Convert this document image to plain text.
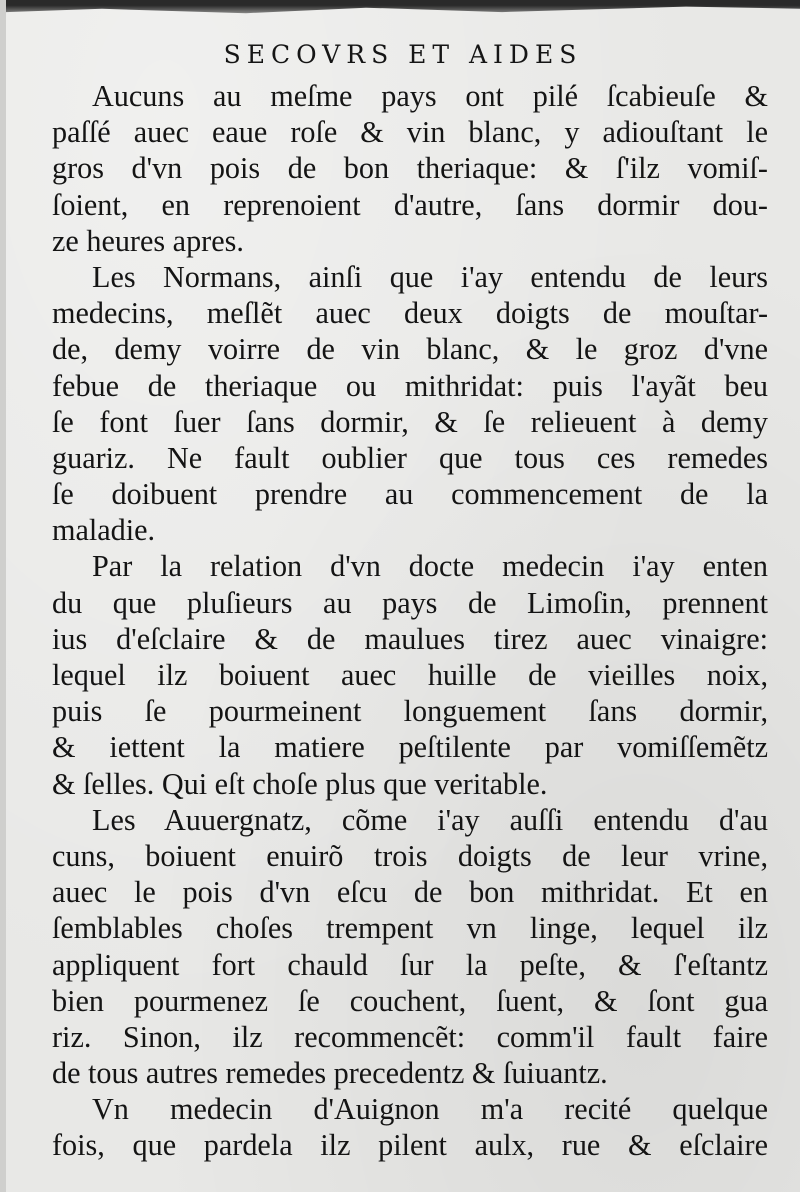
SECOVRS ET AIDES
Aucuns au meſme pays ont pilé ſcabieuſe &
paſſé auec eaue roſe & vin blanc, y adiouſtant le
gros d'vn pois de bon theriaque: & ſ'ilz vomiſ-
ſoient, en reprenoient d'autre, ſans dormir dou-
ze heures apres.
Les Normans, ainſi que i'ay entendu de leurs
medecins, meſlẽt auec deux doigts de mouſtar-
de, demy voirre de vin blanc, & le groz d'vne
febue de theriaque ou mithridat: puis l'ayãt beu
ſe font ſuer ſans dormir, & ſe relieuent à demy
guariz. Ne fault oublier que tous ces remedes
ſe doibuent prendre au commencement de la
maladie.
Par la relation d'vn docte medecin i'ay enten
du que pluſieurs au pays de Limoſin, prennent
ius d'eſclaire & de maulues tirez auec vinaigre:
lequel ilz boiuent auec huille de vieilles noix,
puis ſe pourmeinent longuement ſans dormir,
& iettent la matiere peſtilente par vomiſſemẽtz
& ſelles. Qui eſt choſe plus que veritable.
Les Auuergnatz, cõme i'ay auſſi entendu d'au
cuns, boiuent enuirõ trois doigts de leur vrine,
auec le pois d'vn eſcu de bon mithridat. Et en
ſemblables choſes trempent vn linge, lequel ilz
appliquent fort chauld ſur la peſte, & ſ'eſtantz
bien pourmenez ſe couchent, ſuent, & ſont gua
riz. Sinon, ilz recommencẽt: comm'il fault faire
de tous autres remedes precedentz & ſuiuantz.
Vn medecin d'Auignon m'a recité quelque
fois, que pardela ilz pilent aulx, rue & eſclaire
